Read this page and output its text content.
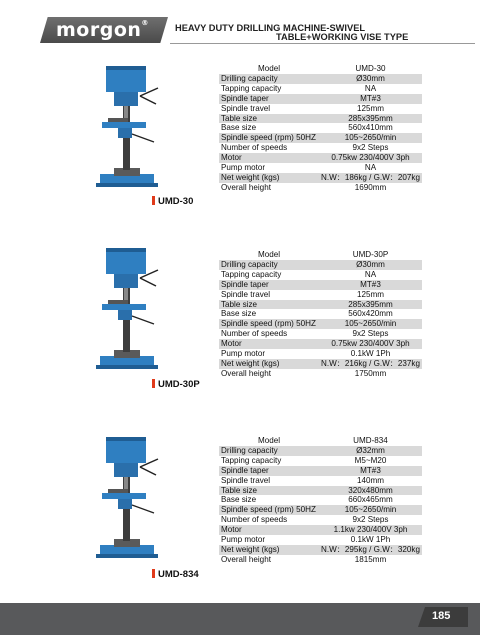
morgon®	HEAVY DUTY DRILLING MACHINE-SWIVEL
TABLE+WORKING VISE TYPE
UMD-30
Model	UMD-30
Drilling capacity	Ø30mm
Tapping capacity	NA
Spindle taper	MT#3
Spindle travel	125mm
Table size	285x395mm
Base size	560x410mm
Spindle speed (rpm) 50HZ	105~2650/min
Number of speeds	9x2 Steps
Motor	0.75kw 230/400V 3ph
Pump motor	NA
Net weight (kgs)	N.W：186kg / G.W：207kg
Overall height	1690mm
UMD-30P
Model	UMD-30P
Drilling capacity	Ø30mm
Tapping capacity	NA
Spindle taper	MT#3
Spindle travel	125mm
Table size	285x395mm
Base size	560x420mm
Spindle speed (rpm) 50HZ	105~2650/min
Number of speeds	9x2 Steps
Motor	0.75kw 230/400V 3ph
Pump motor	0.1kW 1Ph
Net weight (kgs)	N.W：216kg / G.W：237kg
Overall height	1750mm
UMD-834
Model	UMD-834
Drilling capacity	Ø32mm
Tapping capacity	M5~M20
Spindle taper	MT#3
Spindle travel	140mm
Table size	320x480mm
Base size	660x465mm
Spindle speed (rpm) 50HZ	105~2650/min
Number of speeds	9x2 Steps
Motor	1.1kw 230/400V 3ph
Pump motor	0.1kW 1Ph
Net weight (kgs)	N.W：295kg / G.W：320kg
Overall height	1815mm
185
